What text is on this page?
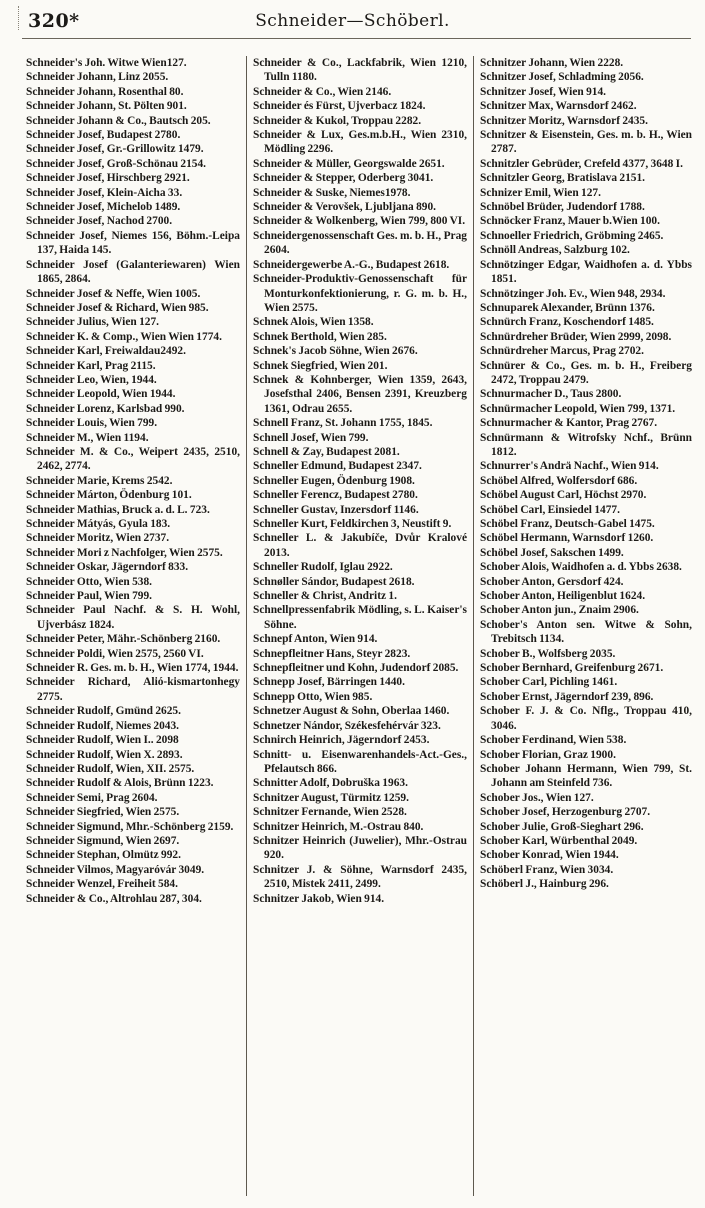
320*	Schneider—Schöberl.
Schneider's Joh. Witwe Wien127.
Schneider Johann, Linz 2055.
Schneider Johann, Rosenthal 80.
Schneider Johann, St. Pölten 901.
Schneider Johann & Co., Bautsch 205.
Schneider Josef, Budapest 2780.
Schneider Josef, Gr.-Grillowitz 1479.
Schneider Josef, Groß-Schönau 2154.
Schneider Josef, Hirschberg 2921.
Schneider Josef, Klein-Aicha 33.
Schneider Josef, Michelob 1489.
Schneider Josef, Nachod 2700.
Schneider Josef, Niemes 156, Böhm.-Leipa 137, Haida 145.
Schneider Josef (Galanteriewaren) Wien 1865, 2864.
Schneider Josef & Neffe, Wien 1005.
Schneider Josef & Richard, Wien 985.
Schneider Julius, Wien 127.
Schneider K. & Comp., Wien Wien 1774.
Schneider Karl, Freiwaldau2492.
Schneider Karl, Prag 2115.
Schneider Leo, Wien, 1944.
Schneider Leopold, Wien 1944.
Schneider Lorenz, Karlsbad 990.
Schneider Louis, Wien 799.
Schneider M., Wien 1194.
Schneider M. & Co., Weipert 2435, 2510, 2462, 2774.
Schneider Marie, Krems 2542.
Schneider Márton, Ödenburg 101.
Schneider Mathias, Bruck a. d. L. 723.
Schneider Mátyás, Gyula 183.
Schneider Moritz, Wien 2737.
Schneider Mori z Nachfolger, Wien 2575.
Schneider Oskar, Jägerndorf 833.
Schneider Otto, Wien 538.
Schneider Paul, Wien 799.
Schneider Paul Nachf. & S. H. Wohl, Ujverbász 1824.
Schneider Peter, Mähr.-Schönberg 2160.
Schneider Poldi, Wien 2575, 2560 VI.
Schneider R. Ges. m. b. H., Wien 1774, 1944.
Schneider Richard, Alió-kismartonhegy 2775.
Schneider Rudolf, Gmünd 2625.
Schneider Rudolf, Niemes 2043.
Schneider Rudolf, Wien I.. 2098
Schneider Rudolf, Wien X. 2893.
Schneider Rudolf, Wien, XII. 2575.
Schneider Rudolf & Alois, Brünn 1223.
Schneider Semi, Prag 2604.
Schneider Siegfried, Wien 2575.
Schneider Sigmund, Mhr.-Schönberg 2159.
Schneider Sigmund, Wien 2697.
Schneider Stephan, Olmütz 992.
Schneider Vilmos, Magyaróvár 3049.
Schneider Wenzel, Freiheit 584.
Schneider & Co., Altrohlau 287, 304.
Schneider & Co., Lackfabrik, Wien 1210, Tulln 1180.
Schneider & Co., Wien 2146.
Schneider és Fürst, Ujverbacz 1824.
Schneider & Kukol, Troppau 2282.
Schneider & Lux, Ges.m.b.H., Wien 2310, Mödling 2296.
Schneider & Müller, Georgswalde 2651.
Schneider & Stepper, Oderberg 3041.
Schneider & Suske, Niemes1978.
Schneider & Verovšek, Ljubljana 890.
Schneider & Wolkenberg, Wien 799, 800 VI.
Schneidergenossenschaft Ges. m. b. H., Prag 2604.
Schneidergewerbe A.-G., Budapest 2618.
Schneider-Produktiv-Genossenschaft für Monturkonfektionierung, r. G. m. b. H., Wien 2575.
Schnek Alois, Wien 1358.
Schnek Berthold, Wien 285.
Schnek's Jacob Söhne, Wien 2676.
Schnek Siegfried, Wien 201.
Schnek & Kohnberger, Wien 1359, 2643, Josefsthal 2406, Bensen 2391, Kreuzberg 1361, Odrau 2655.
Schnell Franz, St. Johann 1755, 1845.
Schnell Josef, Wien 799.
Schnell & Zay, Budapest 2081.
Schneller Edmund, Budapest 2347.
Schneller Eugen, Ödenburg 1908.
Schneller Ferencz, Budapest 2780.
Schneller Gustav, Inzersdorf 1146.
Schneller Kurt, Feldkirchen 3, Neustift 9.
Schneller L. & Jakubíče, Dvůr Kralové 2013.
Schneller Rudolf, Iglau 2922.
Schnøller Sándor, Budapest 2618.
Schneller & Christ, Andritz 1.
Schnellpressenfabrik Mödling, s. L. Kaiser's Söhne.
Schnepf Anton, Wien 914.
Schnepfleitner Hans, Steyr 2823.
Schnepfleitner und Kohn, Judendorf 2085.
Schnepp Josef, Bärringen 1440.
Schnepp Otto, Wien 985.
Schnetzer August & Sohn, Oberlaa 1460.
Schnetzer Nándor, Székesfehérvár 323.
Schnirch Heinrich, Jägerndorf 2453.
Schnitt- u. Eisenwarenhandels-Act.-Ges., Pfelautsch 866.
Schnitter Adolf, Dobruška 1963.
Schnitzer August, Türmitz 1259.
Schnitzer Fernande, Wien 2528.
Schnitzer Heinrich, M.-Ostrau 840.
Schnitzer Heinrich (Juwelier), Mhr.-Ostrau 920.
Schnitzer J. & Söhne, Warnsdorf 2435, 2510, Mistek 2411, 2499.
Schnitzer Jakob, Wien 914.
Schnitzer Johann, Wien 2228.
Schnitzer Josef, Schladming 2056.
Schnitzer Josef, Wien 914.
Schnitzer Max, Warnsdorf 2462.
Schnitzer Moritz, Warnsdorf 2435.
Schnitzer & Eisenstein, Ges. m. b. H., Wien 2787.
Schnitzler Gebrüder, Crefeld 4377, 3648 I.
Schnitzler Georg, Bratislava 2151.
Schnizer Emil, Wien 127.
Schnöbel Brüder, Judendorf 1788.
Schnöcker Franz, Mauer b.Wien 100.
Schnoeller Friedrich, Gröbming 2465.
Schnöll Andreas, Salzburg 102.
Schnötzinger Edgar, Waidhofen a. d. Ybbs 1851.
Schnötzinger Joh. Ev., Wien 948, 2934.
Schnuparek Alexander, Brünn 1376.
Schnürch Franz, Koschendorf 1485.
Schnürdreher Brüder, Wien 2999, 2098.
Schnürdreher Marcus, Prag 2702.
Schnürer & Co., Ges. m. b. H., Freiberg 2472, Troppau 2479.
Schnurmacher D., Taus 2800.
Schnürmacher Leopold, Wien 799, 1371.
Schnurmacher & Kantor, Prag 2767.
Schnürmann & Witrofsky Nchf., Brünn 1812.
Schnurrer's Andrä Nachf., Wien 914.
Schöbel Alfred, Wolfersdorf 686.
Schöbel August Carl, Höchst 2970.
Schöbel Carl, Einsiedel 1477.
Schöbel Franz, Deutsch-Gabel 1475.
Schöbel Hermann, Warnsdorf 1260.
Schöbel Josef, Sakschen 1499.
Schober Alois, Waidhofen a. d. Ybbs 2638.
Schober Anton, Gersdorf 424.
Schober Anton, Heiligenblut 1624.
Schober Anton jun., Znaim 2906.
Schober's Anton sen. Witwe & Sohn, Trebitsch 1134.
Schober B., Wolfsberg 2035.
Schober Bernhard, Greifenburg 2671.
Schober Carl, Pichling 1461.
Schober Ernst, Jägerndorf 239, 896.
Schober F. J. & Co. Nflg., Troppau 410, 3046.
Schober Ferdinand, Wien 538.
Schober Florian, Graz 1900.
Schober Johann Hermann, Wien 799, St. Johann am Steinfeld 736.
Schober Jos., Wien 127.
Schober Josef, Herzogenburg 2707.
Schober Julie, Groß-Sieghart 296.
Schober Karl, Würbenthal 2049.
Schober Konrad, Wien 1944.
Schöberl Franz, Wien 3034.
Schöberl J., Hainburg 296.
